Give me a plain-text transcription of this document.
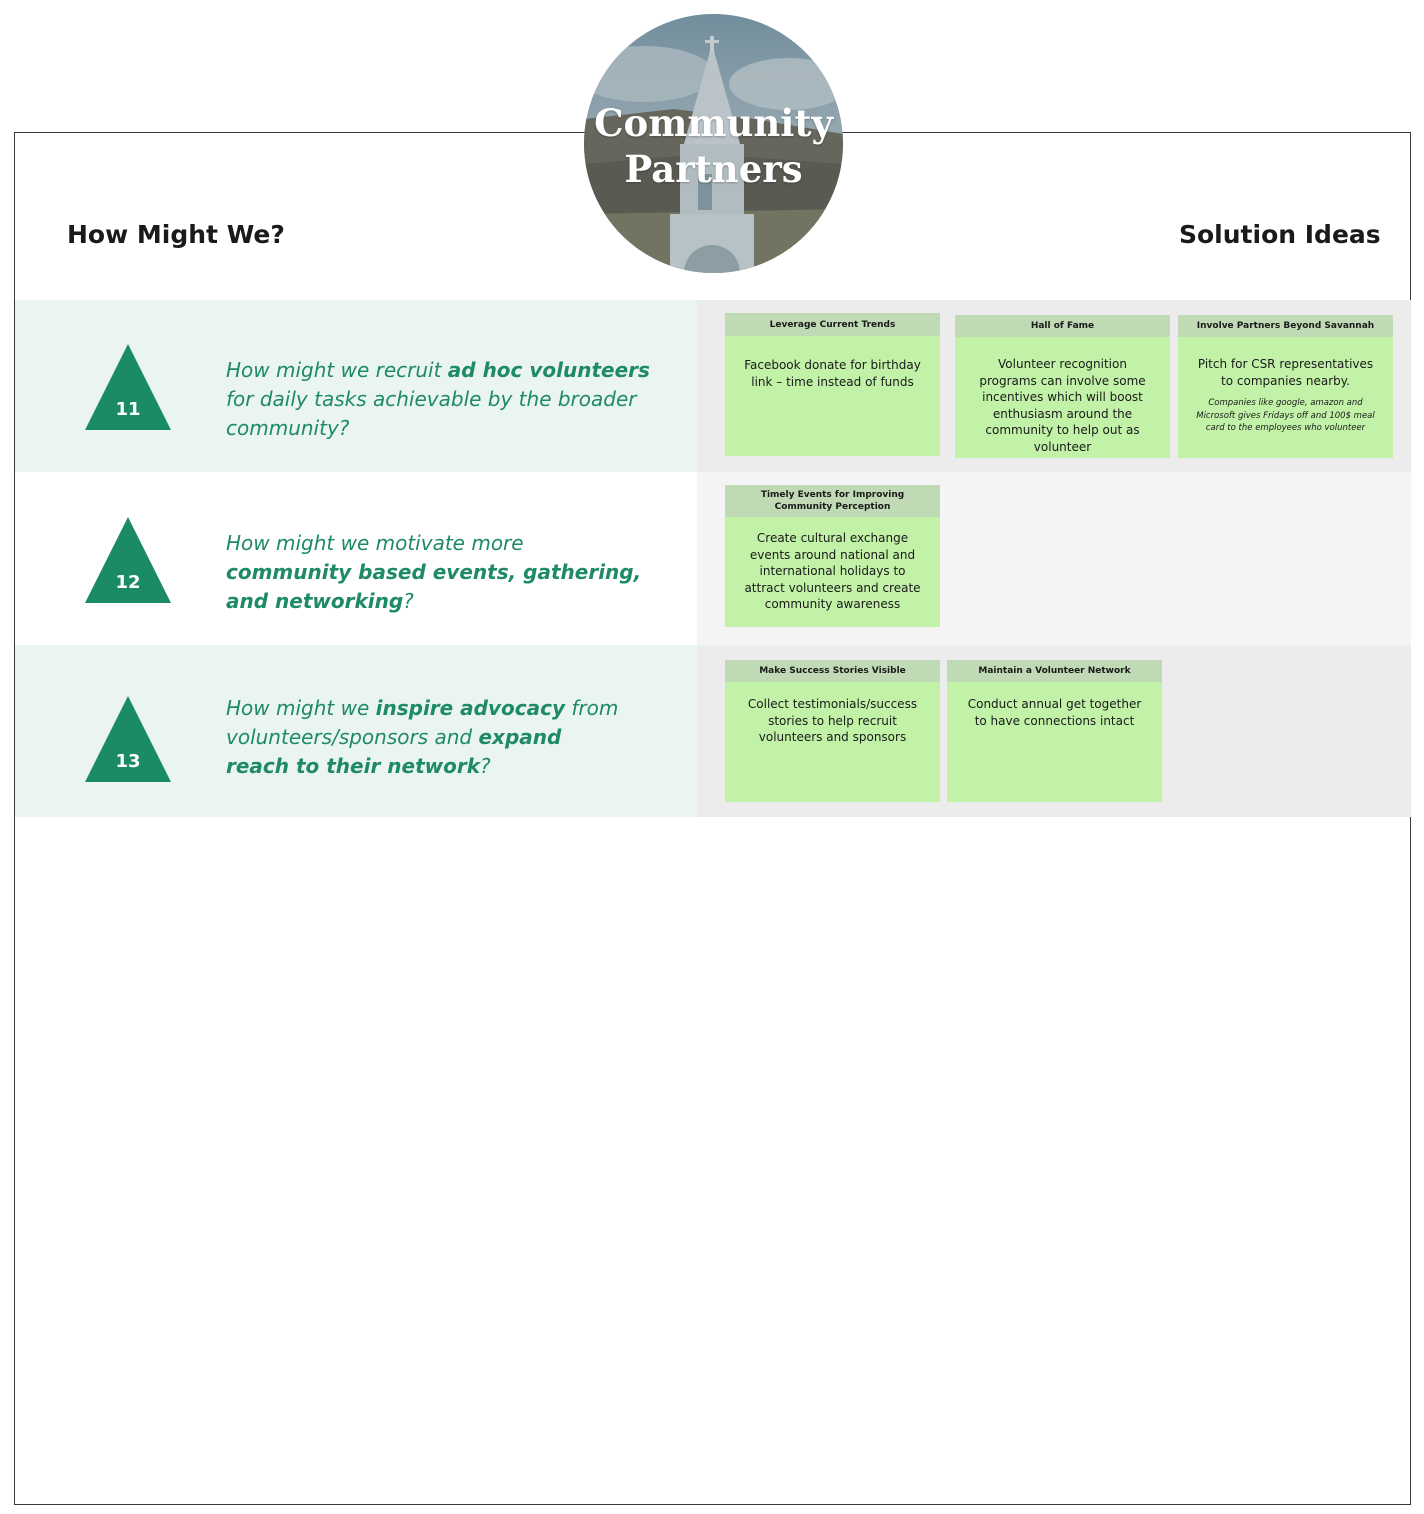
Community
Partners
How Might We?	Solution Ideas
11
How might we recruit ad hoc volunteers for daily tasks achievable by the broader community?
Leverage Current Trends
Facebook donate for birthday link – time instead of funds
Hall of Fame
Volunteer recognition programs can involve some incentives which will boost enthusiasm around the community to help out as volunteer
Involve Partners Beyond Savannah
Pitch for CSR representatives to companies nearby.
Companies like google, amazon and Microsoft gives Fridays off and 100$ meal card to the employees who volunteer
12
How might we motivate more community based events, gathering, and networking?
Timely Events for Improving Community Perception
Create cultural exchange events around national and international holidays to attract volunteers and create community awareness
13
How might we inspire advocacy from volunteers/sponsors and expand reach to their network?
Make Success Stories Visible
Collect testimonials/success stories to help recruit volunteers and sponsors
Maintain a Volunteer Network
Conduct annual get together to have connections intact
